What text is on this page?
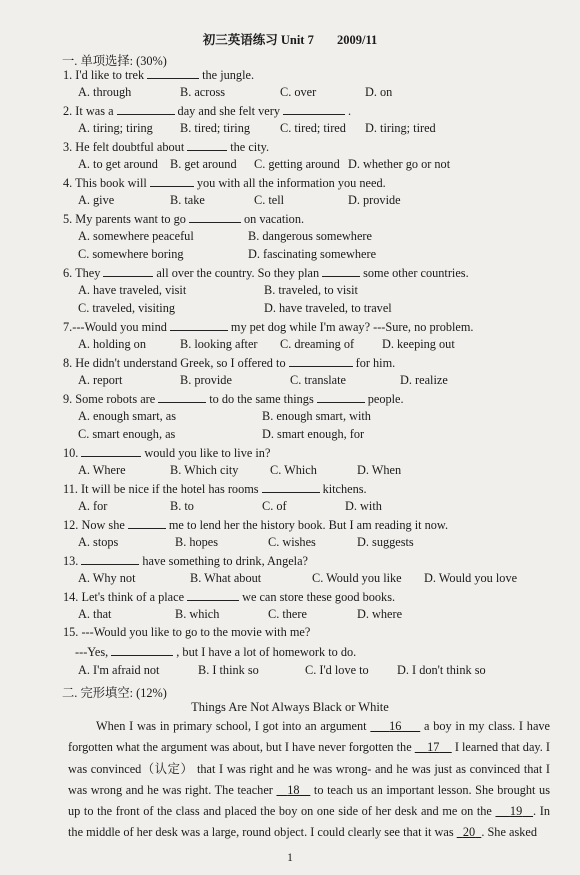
初三英语练习 Unit 7 2009/11
一. 单项选择: (30%)
1. I'd like to trek	the jungle.
A. through	B. across	C. over	D. on
2. It was a	day and she felt very	.
A. tiring; tiring B. tired; tiring C. tired; tired D. tiring; tired
3. He felt doubtful about	the city.
A. to get around B. get around C. getting around D. whether go or not
4. This book will	you with all the information you need.
A. give	B. take	C. tell	D. provide
5. My parents want to go	on vacation.
A. somewhere peaceful	B. dangerous somewhere
C. somewhere boring	D. fascinating somewhere
6. They	all over the country. So they plan	some other countries.
A. have traveled, visit	B. traveled, to visit
C. traveled, visiting	D. have traveled, to travel
7.---Would you mind	my pet dog while I'm away? ---Sure, no problem.
A. holding on	B. looking after C. dreaming of D. keeping out
8. He didn't understand Greek, so I offered to	for him.
A. report	B. provide	C. translate	D. realize
9. Some robots are	to do the same things	people.
A. enough smart, as	B. enough smart, with
C. smart enough, as	D. smart enough, for
10.	would you like to live in?
A. Where	B. Which city	C. Which	D. When
11. It will be nice if the hotel has rooms	kitchens.
A. for	B. to	C. of	D. with
12. Now she	me to lend her the history book. But I am reading it now.
A. stops	B. hopes	C. wishes	D. suggests
13.	have something to drink, Angela?
A. Why not	B. What about	C. Would you like D. Would you love
14. Let's think of a place	we can store these good books.
A. that	B. which	C. there	D. where
15. ---Would you like to go to the movie with me?
---Yes,	, but I have a lot of homework to do.
A. I'm afraid not	B. I think so	C. I'd love to D. I don't think so
二. 完形填空: (12%)
Things Are Not Always Black or White

When I was in primary school, I got into an argument      16      a boy in my class. I have forgotten what the argument was about, but I have never forgotten the     17     I learned that day. I was convinced（认定） that I was right and he was wrong- and he was just as convinced that I was wrong and he was right. The teacher    18    to teach us an important lesson. She brought us up to the front of the class and placed the boy on one side of her desk and me on the     19 . In the middle of her desk was a large, round object. I could clearly see that it was   20 . She asked

1
